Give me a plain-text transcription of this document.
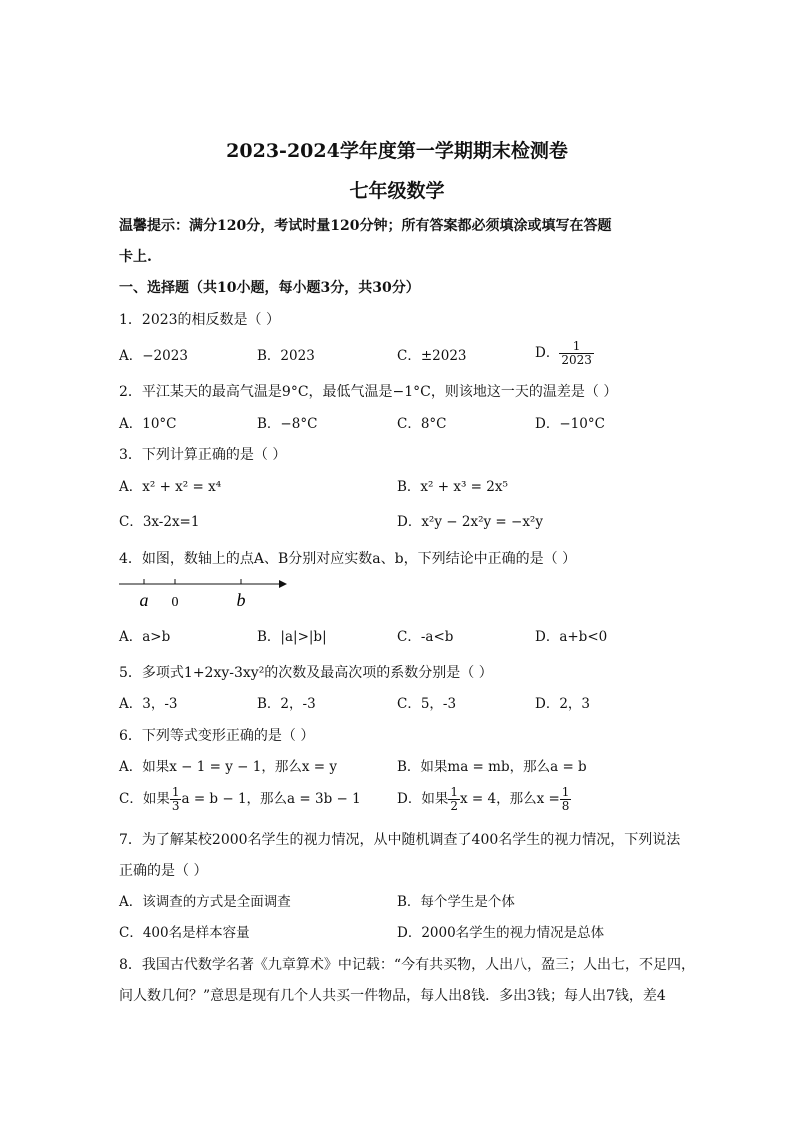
2023-2024学年度第一学期期末检测卷
七年级数学
温馨提示：满分120分，考试时量120分钟；所有答案都必须填涂或填写在答题
卡上.
一、选择题（共10小题，每小题3分，共30分）
1．2023的相反数是（ ）
A．−2023	B．2023	C．±2023	D． $\frac{1}{2023}$
2．平江某天的最高气温是9°C，最低气温是−1°C，则该地这一天的温差是（ ）
A．10°C	B．−8°C	C．8°C	D．−10°C
3．下列计算正确的是（ ）
A．x² + x² = x⁴	B．x² + x³ = 2x⁵
C．3x-2x=1	D．x²y − 2x²y = −x²y
4．如图，数轴上的点A、B分别对应实数a、b，下列结论中正确的是（ ）
a 0	b
A．a>b	B．|a|>|b|	C．-a<b	D．a+b<0
5．多项式1+2xy-3xy²的次数及最高次项的系数分别是（ ）
A．3，-3	B．2，-3	C．5，-3	D．2，3
6．下列等式变形正确的是（ ）
A．如果x − 1 = y − 1，那么x = y	B．如果ma = mb，那么a = b
C．如果 $\frac{1}{3}$ a = b − 1，那么a = 3b − 1	D．如果 $\frac{1}{2}$ x = 4，那么$x = \frac{1}{8}$
7．为了解某校2000名学生的视力情况，从中随机调查了400名学生的视力情况，下列说法
正确的是（ ）
A．该调查的方式是全面调查	B．每个学生是个体
C．400名是样本容量	D．2000名学生的视力情况是总体
8．我国古代数学名著《九章算术》中记载：“今有共买物，人出八，盈三；人出七，不足四，
问人数几何？”意思是现有几个人共买一件物品，每人出8钱．多出3钱；每人出7钱，差4
